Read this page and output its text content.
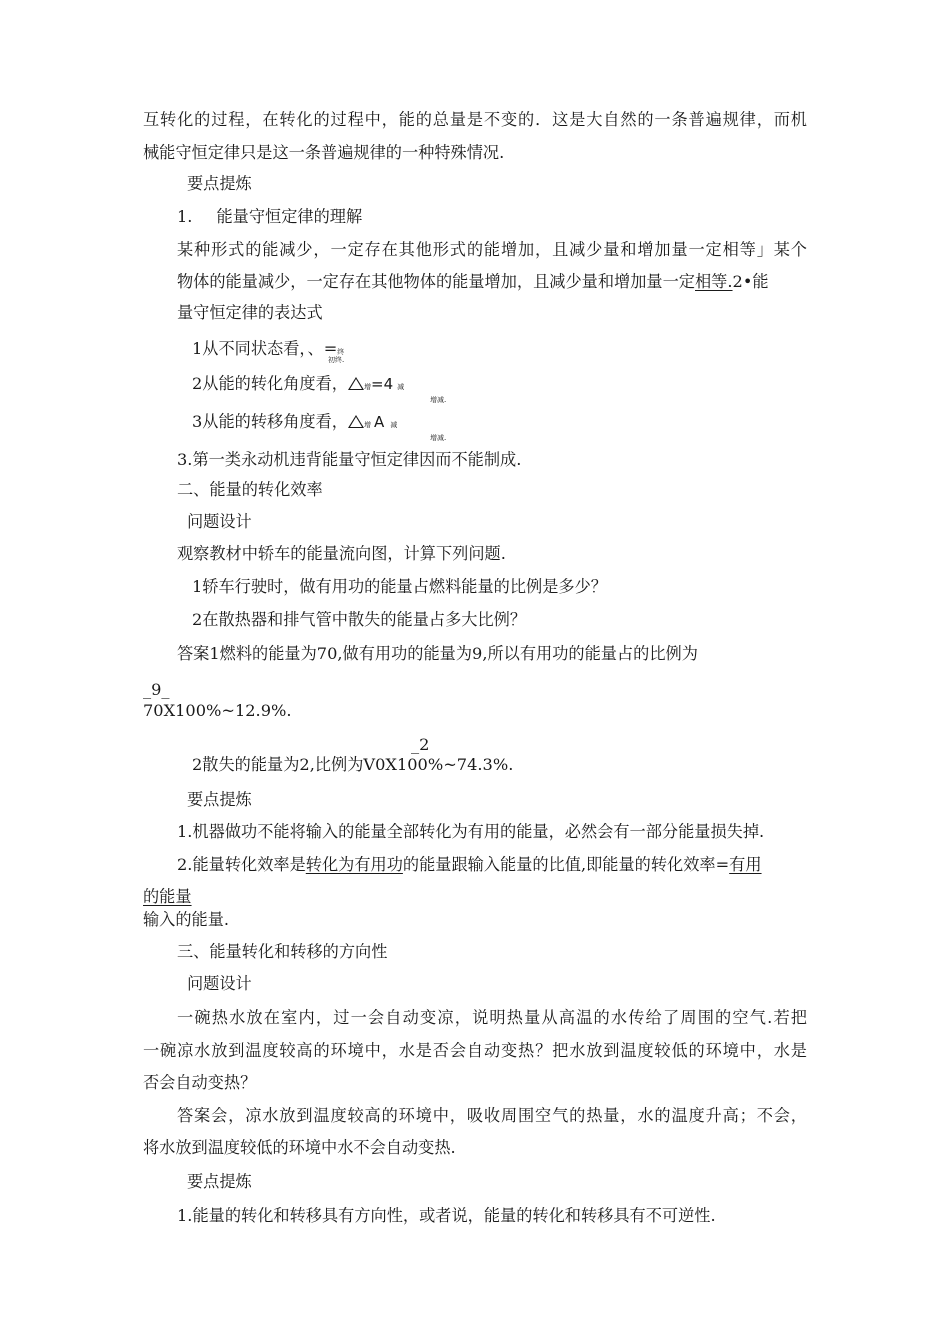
互转化的过程，在转化的过程中，能的总量是不变的．这是大自然的一条普遍规律，而机
械能守恒定律只是这一条普遍规律的一种特殊情况.
要点提炼
1. 能量守恒定律的理解
某种形式的能减少，一定存在其他形式的能增加，且减少量和增加量一定相等」某个
物体的能量减少，一定存在其他物体的能量增加，且减少量和增加量一定相等.2•能
量守恒定律的表达式
1从不同状态看，、=终
初终.
2从能的转化角度看， 增=4 减
增减.
3从能的转移角度看， 增 A 减
增减.
3.第一类永动机违背能量守恒定律因而不能制成.
二、能量的转化效率
问题设计
观察教材中轿车的能量流向图，计算下列问题.
1轿车行驶时，做有用功的能量占燃料能量的比例是多少？
2在散热器和排气管中散失的能量占多大比例？
答案1燃料的能量为70,做有用功的能量为9,所以有用功的能量占的比例为
_9_
70X100%~12.9%.
_2
2散失的能量为2,比例为V0X100%~74.3%.
要点提炼
1.机器做功不能将输入的能量全部转化为有用的能量，必然会有一部分能量损失掉.
2.能量转化效率是转化为有用功的能量跟输入能量的比值,即能量的转化效率=有用
的能量
输入的能量.
三、能量转化和转移的方向性
问题设计
一碗热水放在室内，过一会自动变凉，说明热量从高温的水传给了周围的空气.若把
一碗凉水放到温度较高的环境中，水是否会自动变热？把水放到温度较低的环境中，水是
否会自动变热？
答案会，凉水放到温度较高的环境中，吸收周围空气的热量，水的温度升高；不会，
将水放到温度较低的环境中水不会自动变热.
要点提炼
1.能量的转化和转移具有方向性，或者说，能量的转化和转移具有不可逆性.
